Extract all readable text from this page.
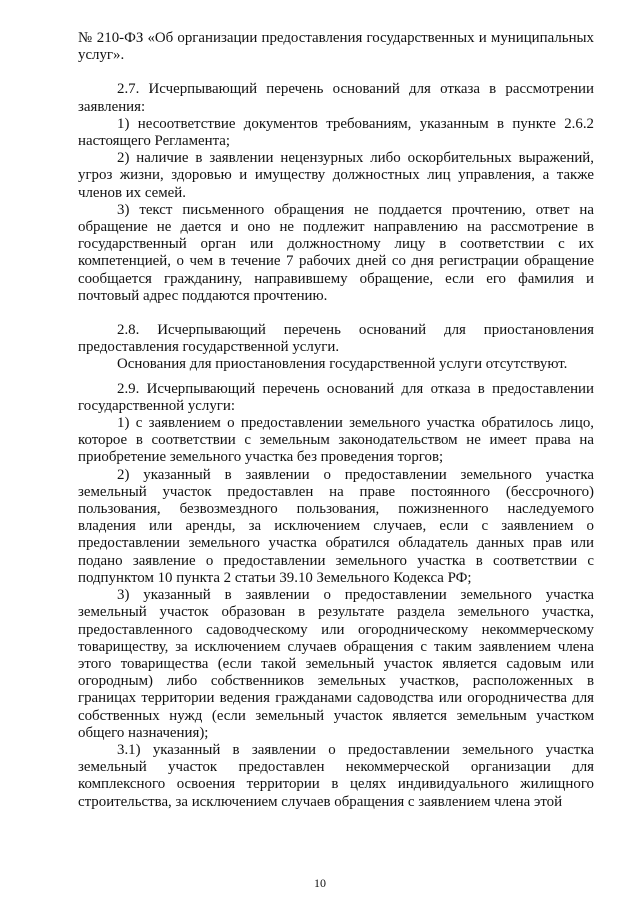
№ 210-ФЗ «Об организации предоставления государственных и муниципальных услуг».

2.7. Исчерпывающий перечень оснований для отказа в рассмотрении заявления:

1) несоответствие документов требованиям, указанным в пункте 2.6.2 настоящего Регламента;

2) наличие в заявлении нецензурных либо оскорбительных выражений, угроз жизни, здоровью и имуществу должностных лиц управления, а также членов их семей.

3) текст письменного обращения не поддается прочтению, ответ на обращение не дается и оно не подлежит направлению на рассмотрение в государственный орган или должностному лицу в соответствии с их компетенцией, о чем в течение 7 рабочих дней со дня регистрации обращение сообщается гражданину, направившему обращение, если его фамилия и почтовый адрес поддаются прочтению.

2.8. Исчерпывающий перечень оснований для приостановления предоставления государственной услуги.

Основания для приостановления государственной услуги отсутствуют.

2.9. Исчерпывающий перечень оснований для отказа в предоставлении государственной услуги:

1) с заявлением о предоставлении земельного участка обратилось лицо, которое в соответствии с земельным законодательством не имеет права на приобретение земельного участка без проведения торгов;

2) указанный в заявлении о предоставлении земельного участка земельный участок предоставлен на праве постоянного (бессрочного) пользования, безвозмездного пользования, пожизненного наследуемого владения или аренды, за исключением случаев, если с заявлением о предоставлении земельного участка обратился обладатель данных прав или подано заявление о предоставлении земельного участка в соответствии с подпунктом 10 пункта 2 статьи 39.10 Земельного Кодекса РФ;

3) указанный в заявлении о предоставлении земельного участка земельный участок образован в результате раздела земельного участка, предоставленного садоводческому или огородническому некоммерческому товариществу, за исключением случаев обращения с таким заявлением члена этого товарищества (если такой земельный участок является садовым или огородным) либо собственников земельных участков, расположенных в границах территории ведения гражданами садоводства или огородничества для собственных нужд (если земельный участок является земельным участком общего назначения);

3.1) указанный в заявлении о предоставлении земельного участка земельный участок предоставлен некоммерческой организации для комплексного освоения территории в целях индивидуального жилищного строительства, за исключением случаев обращения с заявлением члена этой

10
